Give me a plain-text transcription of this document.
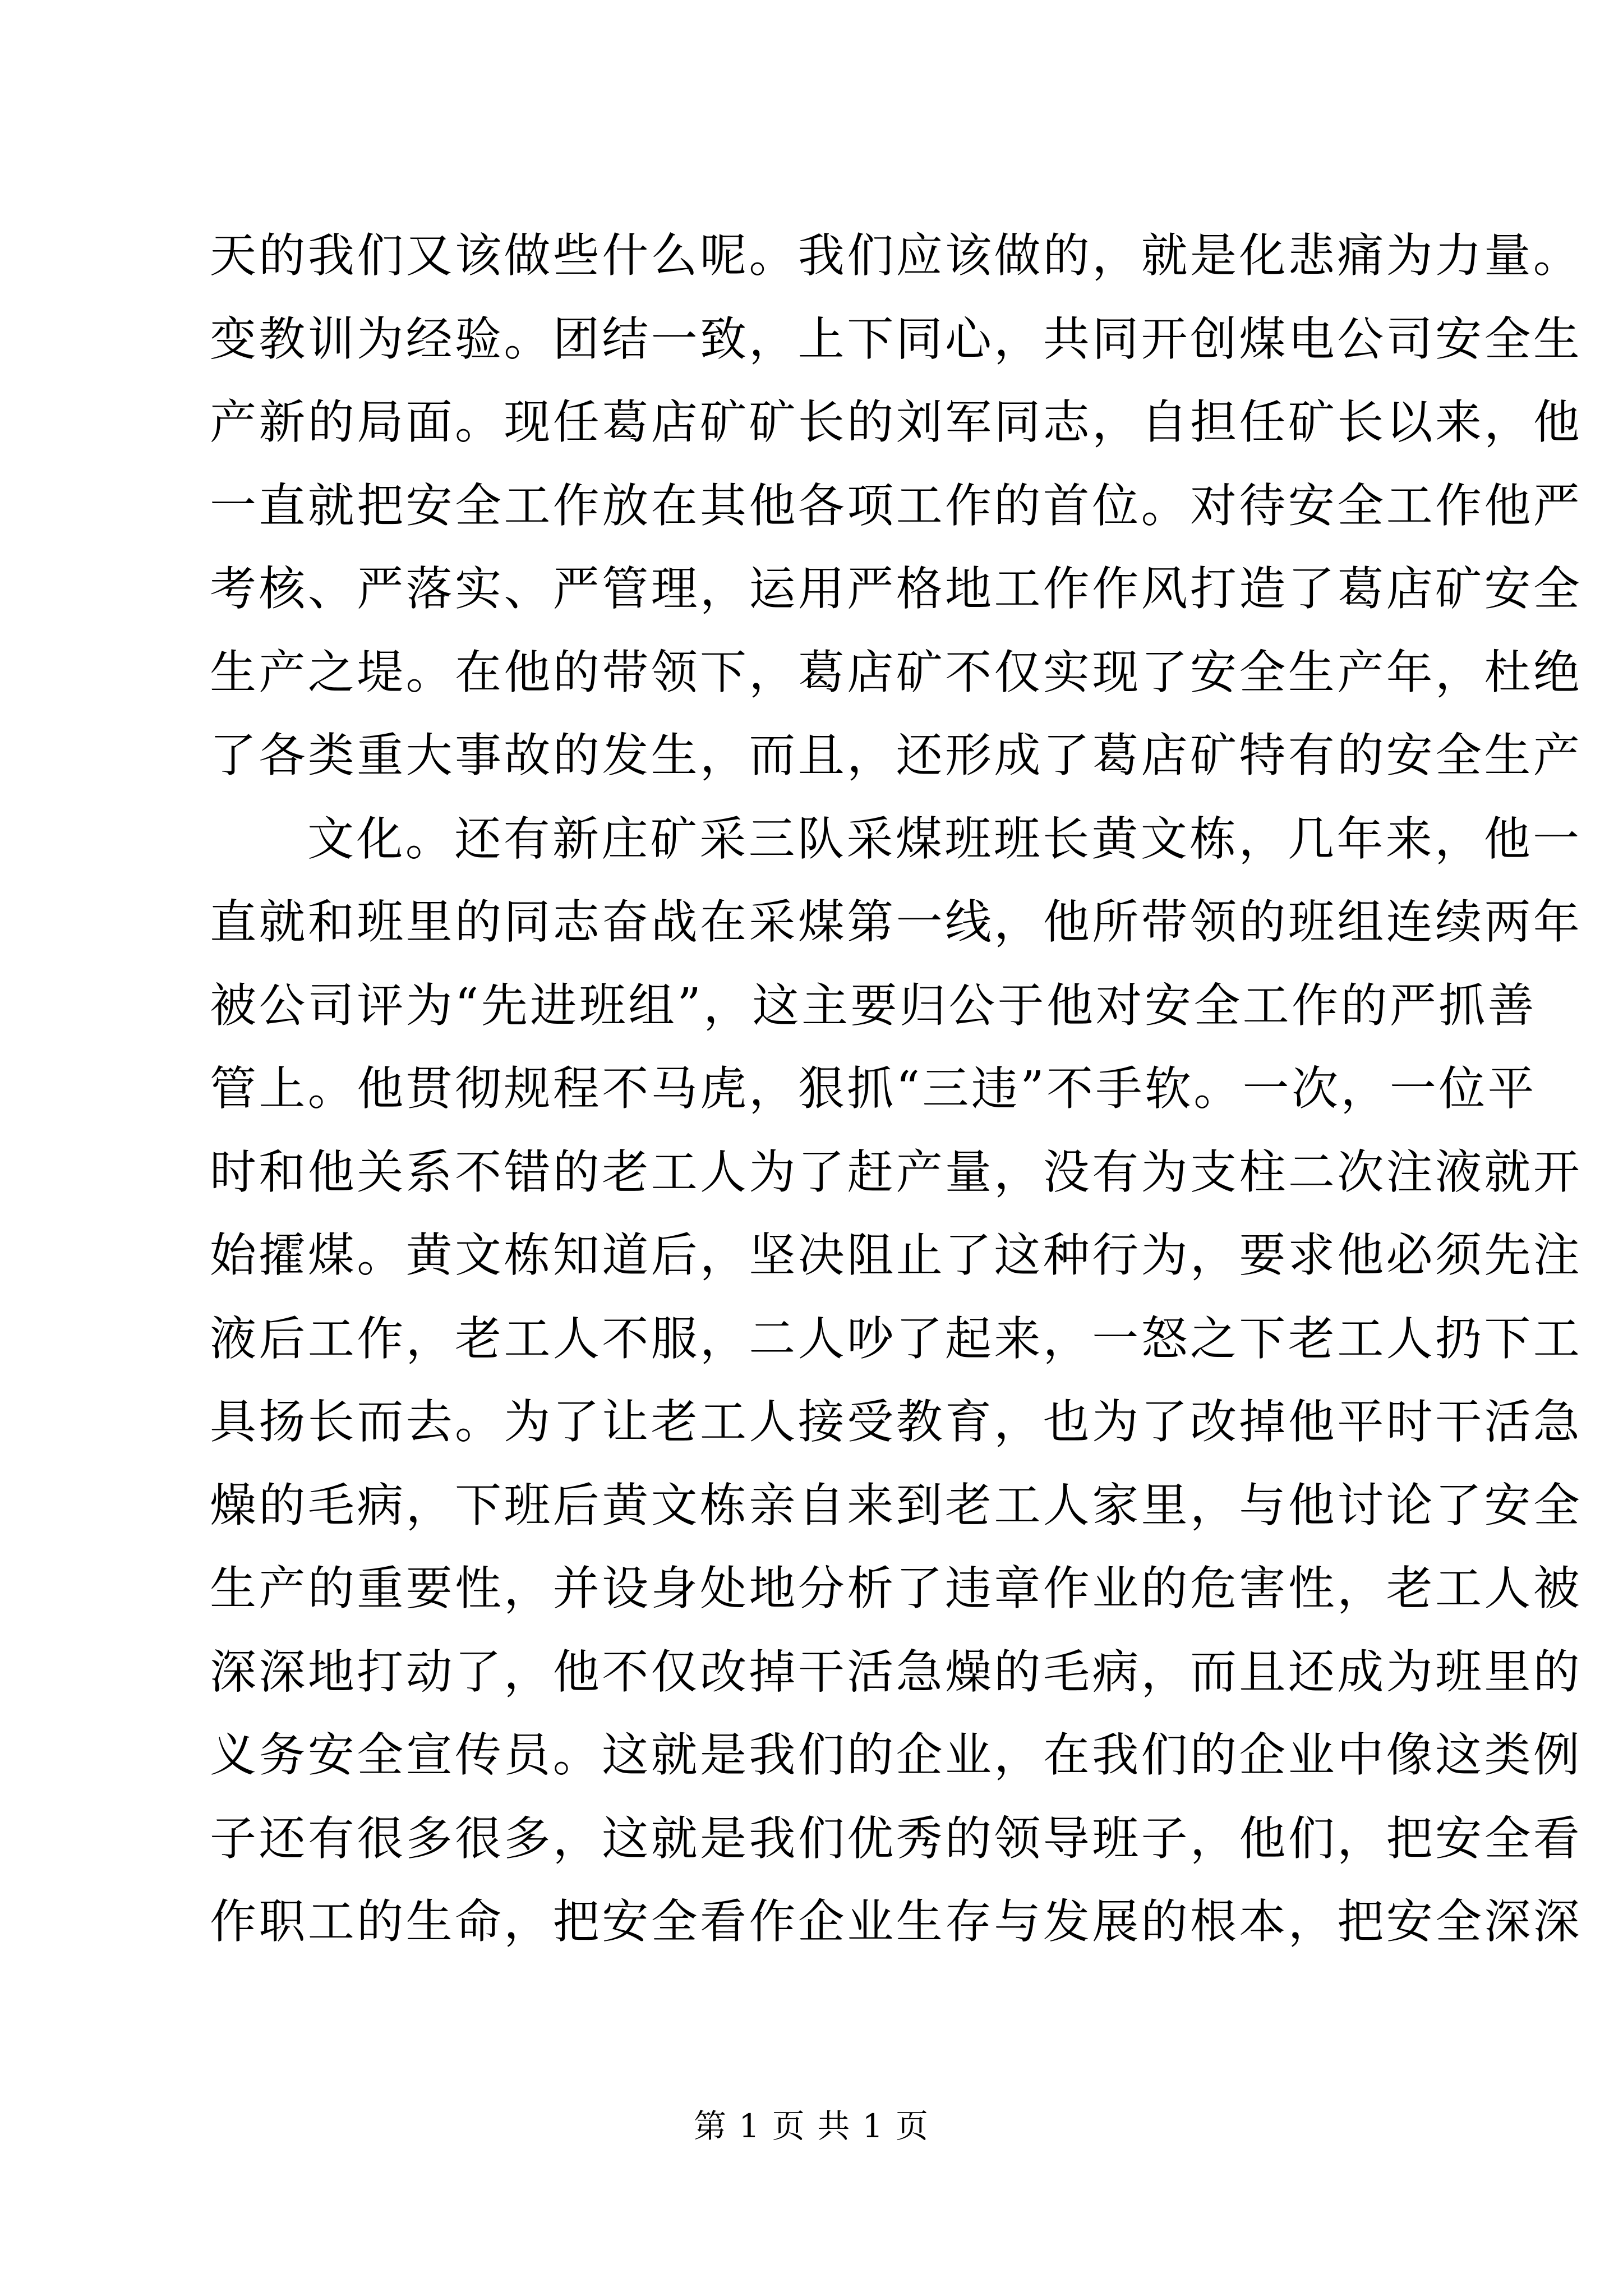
天的我们又该做些什么呢。我们应该做的，就是化悲痛为力量。
变教训为经验。团结一致，上下同心，共同开创煤电公司安全生
产新的局面。现任葛店矿矿长的刘军同志，自担任矿长以来，他
一直就把安全工作放在其他各项工作的首位。对待安全工作他严
考核、严落实、严管理，运用严格地工作作风打造了葛店矿安全
生产之堤。在他的带领下，葛店矿不仅实现了安全生产年，杜绝
了各类重大事故的发生，而且，还形成了葛店矿特有的安全生产
文化。还有新庄矿采三队采煤班班长黄文栋，几年来，他一
直就和班里的同志奋战在采煤第一线，他所带领的班组连续两年
被公司评为“先进班组”，这主要归公于他对安全工作的严抓善
管上。他贯彻规程不马虎，狠抓“三违”不手软。一次，一位平
时和他关系不错的老工人为了赶产量，没有为支柱二次注液就开
始攉煤。黄文栋知道后，坚决阻止了这种行为，要求他必须先注
液后工作，老工人不服，二人吵了起来，一怒之下老工人扔下工
具扬长而去。为了让老工人接受教育，也为了改掉他平时干活急
燥的毛病，下班后黄文栋亲自来到老工人家里，与他讨论了安全
生产的重要性，并设身处地分析了违章作业的危害性，老工人被
深深地打动了，他不仅改掉干活急燥的毛病，而且还成为班里的
义务安全宣传员。这就是我们的企业，在我们的企业中像这类例
子还有很多很多，这就是我们优秀的领导班子，他们，把安全看
作职工的生命，把安全看作企业生存与发展的根本，把安全深深
第 1 页 共 1 页
